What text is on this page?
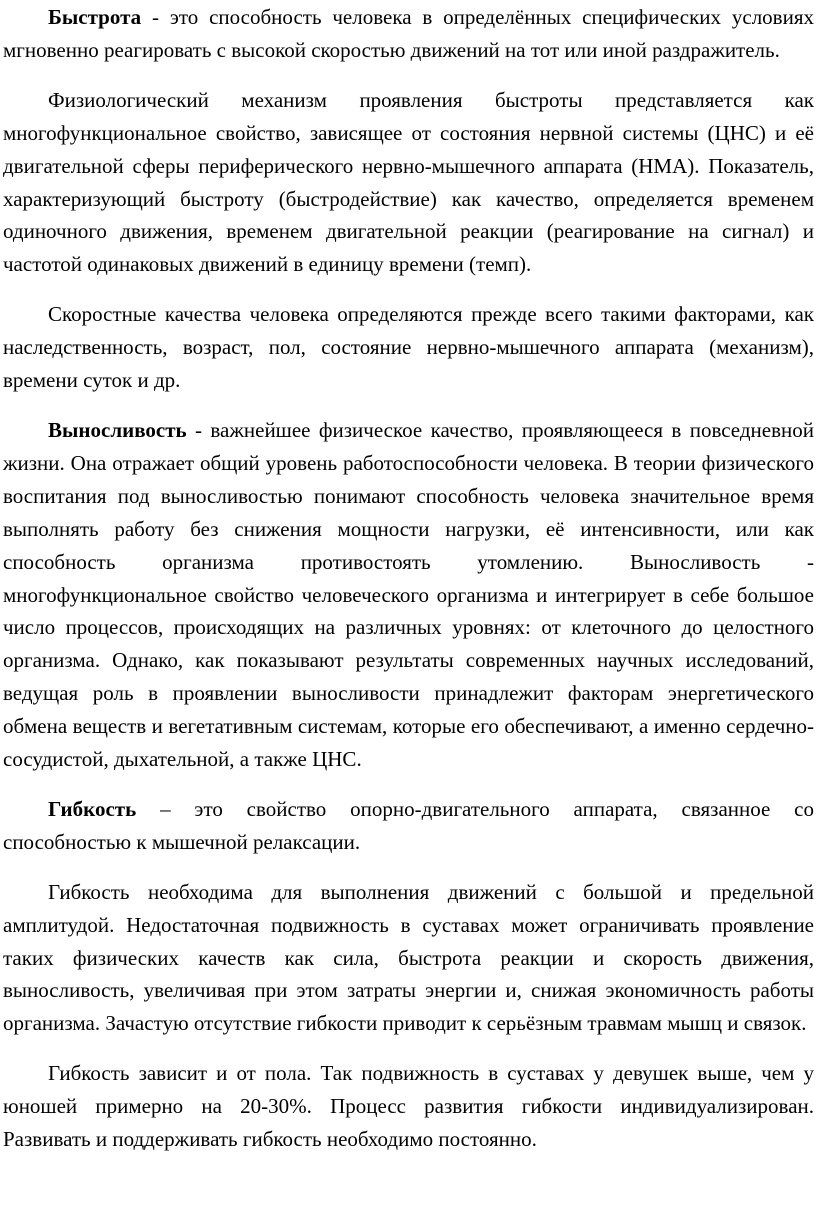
Быстрота - это способность человека в определённых специфических условиях мгновенно реагировать с высокой скоростью движений на тот или иной раздражитель.

Физиологический механизм проявления быстроты представляется как многофункциональное свойство, зависящее от состояния нервной системы (ЦНС) и её двигательной сферы периферического нервно-мышечного аппарата (НМА). Показатель, характеризующий быстроту (быстродействие) как качество, определяется временем одиночного движения, временем двигательной реакции (реагирование на сигнал) и частотой одинаковых движений в единицу времени (темп).

Скоростные качества человека определяются прежде всего такими факторами, как наследственность, возраст, пол, состояние нервно-мышечного аппарата (механизм), времени суток и др.

Выносливость - важнейшее физическое качество, проявляющееся в повседневной жизни. Она отражает общий уровень работоспособности человека. В теории физического воспитания под выносливостью понимают способность человека значительное время выполнять работу без снижения мощности нагрузки, её интенсивности, или как способность организма противостоять утомлению. Выносливость - многофункциональное свойство человеческого организма и интегрирует в себе большое число процессов, происходящих на различных уровнях: от клеточного до целостного организма. Однако, как показывают результаты современных научных исследований, ведущая роль в проявлении выносливости принадлежит факторам энергетического обмена веществ и вегетативным системам, которые его обеспечивают, а именно сердечно-сосудистой, дыхательной, а также ЦНС.

Гибкость – это свойство опорно-двигательного аппарата, связанное со способностью к мышечной релаксации.

Гибкость необходима для выполнения движений с большой и предельной амплитудой. Недостаточная подвижность в суставах может ограничивать проявление таких физических качеств как сила, быстрота реакции и скорость движения, выносливость, увеличивая при этом затраты энергии и, снижая экономичность работы организма. Зачастую отсутствие гибкости приводит к серьёзным травмам мышц и связок.

Гибкость зависит и от пола. Так подвижность в суставах у девушек выше, чем у юношей примерно на 20-30%. Процесс развития гибкости индивидуализирован. Развивать и поддерживать гибкость необходимо постоянно.
